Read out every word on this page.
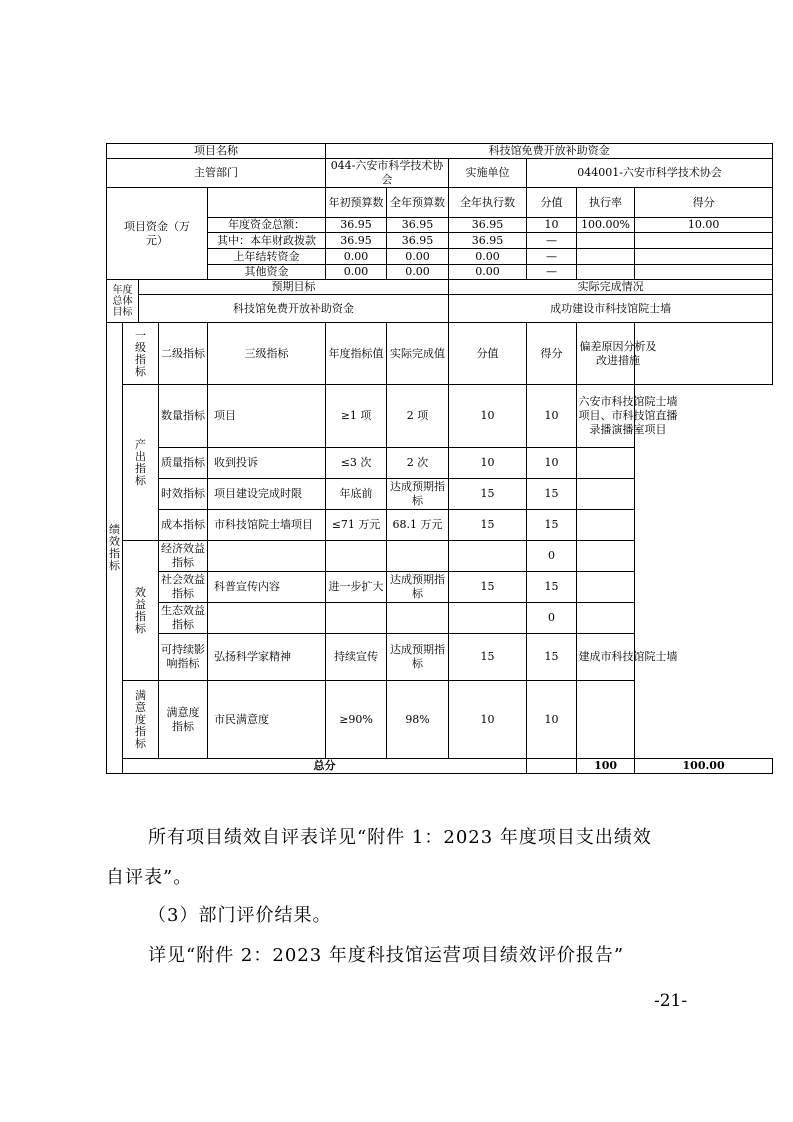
项目名称					科技馆免费开放补助资金						
主管部门					044-六安市科学技术协会		实施单位	044001-六安市科学技术协会			
项目资金（万元）					年初预算数	全年预算数	全年执行数	分值	执行率	得分	
				年度资金总额：	36.95	36.95	36.95	10	100.00%	10.00	
				其中：本年财政拨款	36.95	36.95	36.95	—			
				上年结转资金	0.00	0.00	0.00	—			
				其他资金	0.00	0.00	0.00	—			
年度总体目标		预期目标					实际完成情况				
		科技馆免费开放补助资金					成功建设市科技馆院士墙				
绩效指标	一级指标		二级指标	三级指标	年度指标值	实际完成值	分值	得分	偏差原因分析及改进措施		
	产出指标		数量指标	项目	≥1 项	2 项	10	10	六安市科技馆院士墙项目、市科技馆直播录播演播室项目		
			质量指标	收到投诉	≤3 次	2 次	10	10			
			时效指标	项目建设完成时限	年底前	达成预期指标	15	15			
			成本指标	市科技馆院士墙项目	≤71 万元	68.1 万元	15	15			
	效益指标		经济效益指标					0			
			社会效益指标	科普宣传内容	进一步扩大	达成预期指标	15	15			
			生态效益指标					0			
			可持续影响指标	弘扬科学家精神	持续宣传	达成预期指标	15	15	建成市科技馆院士墙		
	满意度指标		满意度指标	市民满意度	≥90%	98%	10	10			
	总分								100	100.00	
所有项目绩效自评表详见“附件 1：2023 年度项目支出绩效
自评表”。
（3）部门评价结果。
详见“附件 2：2023 年度科技馆运营项目绩效评价报告”
-21-
